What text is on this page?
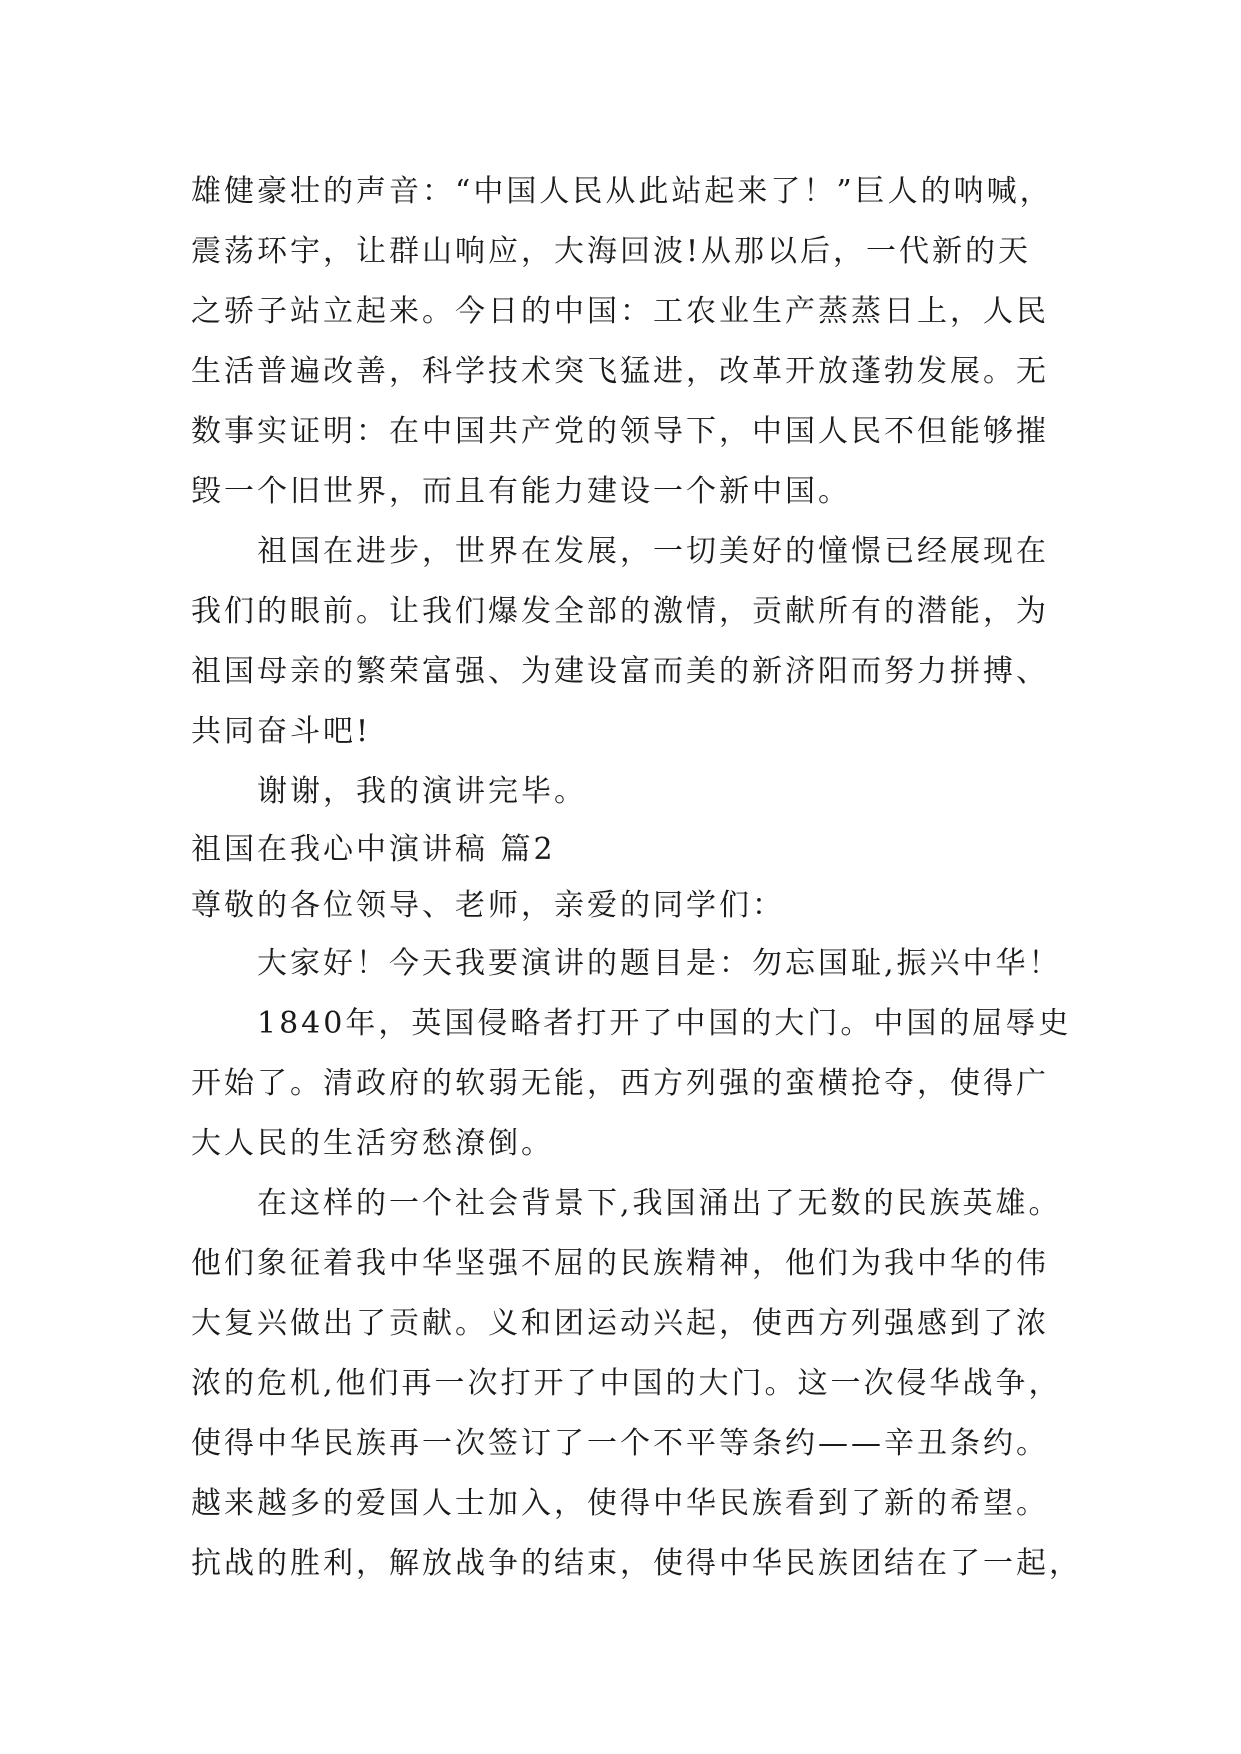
雄健豪壮的声音：“中国人民从此站起来了！”巨人的呐喊，
震荡环宇，让群山响应，大海回波!从那以后，一代新的天
之骄子站立起来。今日的中国：工农业生产蒸蒸日上，人民
生活普遍改善，科学技术突飞猛进，改革开放蓬勃发展。无
数事实证明：在中国共产党的领导下，中国人民不但能够摧
毁一个旧世界，而且有能力建设一个新中国。
祖国在进步，世界在发展，一切美好的憧憬已经展现在
我们的眼前。让我们爆发全部的激情，贡献所有的潜能，为
祖国母亲的繁荣富强、为建设富而美的新济阳而努力拼搏、
共同奋斗吧!
谢谢，我的演讲完毕。
祖国在我心中演讲稿 篇2
尊敬的各位领导、老师，亲爱的同学们：
大家好！今天我要演讲的题目是：勿忘国耻,振兴中华！
1840年，英国侵略者打开了中国的大门。中国的屈辱史
开始了。清政府的软弱无能，西方列强的蛮横抢夺，使得广
大人民的生活穷愁潦倒。
在这样的一个社会背景下,我国涌出了无数的民族英雄。
他们象征着我中华坚强不屈的民族精神，他们为我中华的伟
大复兴做出了贡献。义和团运动兴起，使西方列强感到了浓
浓的危机,他们再一次打开了中国的大门。这一次侵华战争，
使得中华民族再一次签订了一个不平等条约——辛丑条约。
越来越多的爱国人士加入，使得中华民族看到了新的希望。
抗战的胜利，解放战争的结束，使得中华民族团结在了一起，
